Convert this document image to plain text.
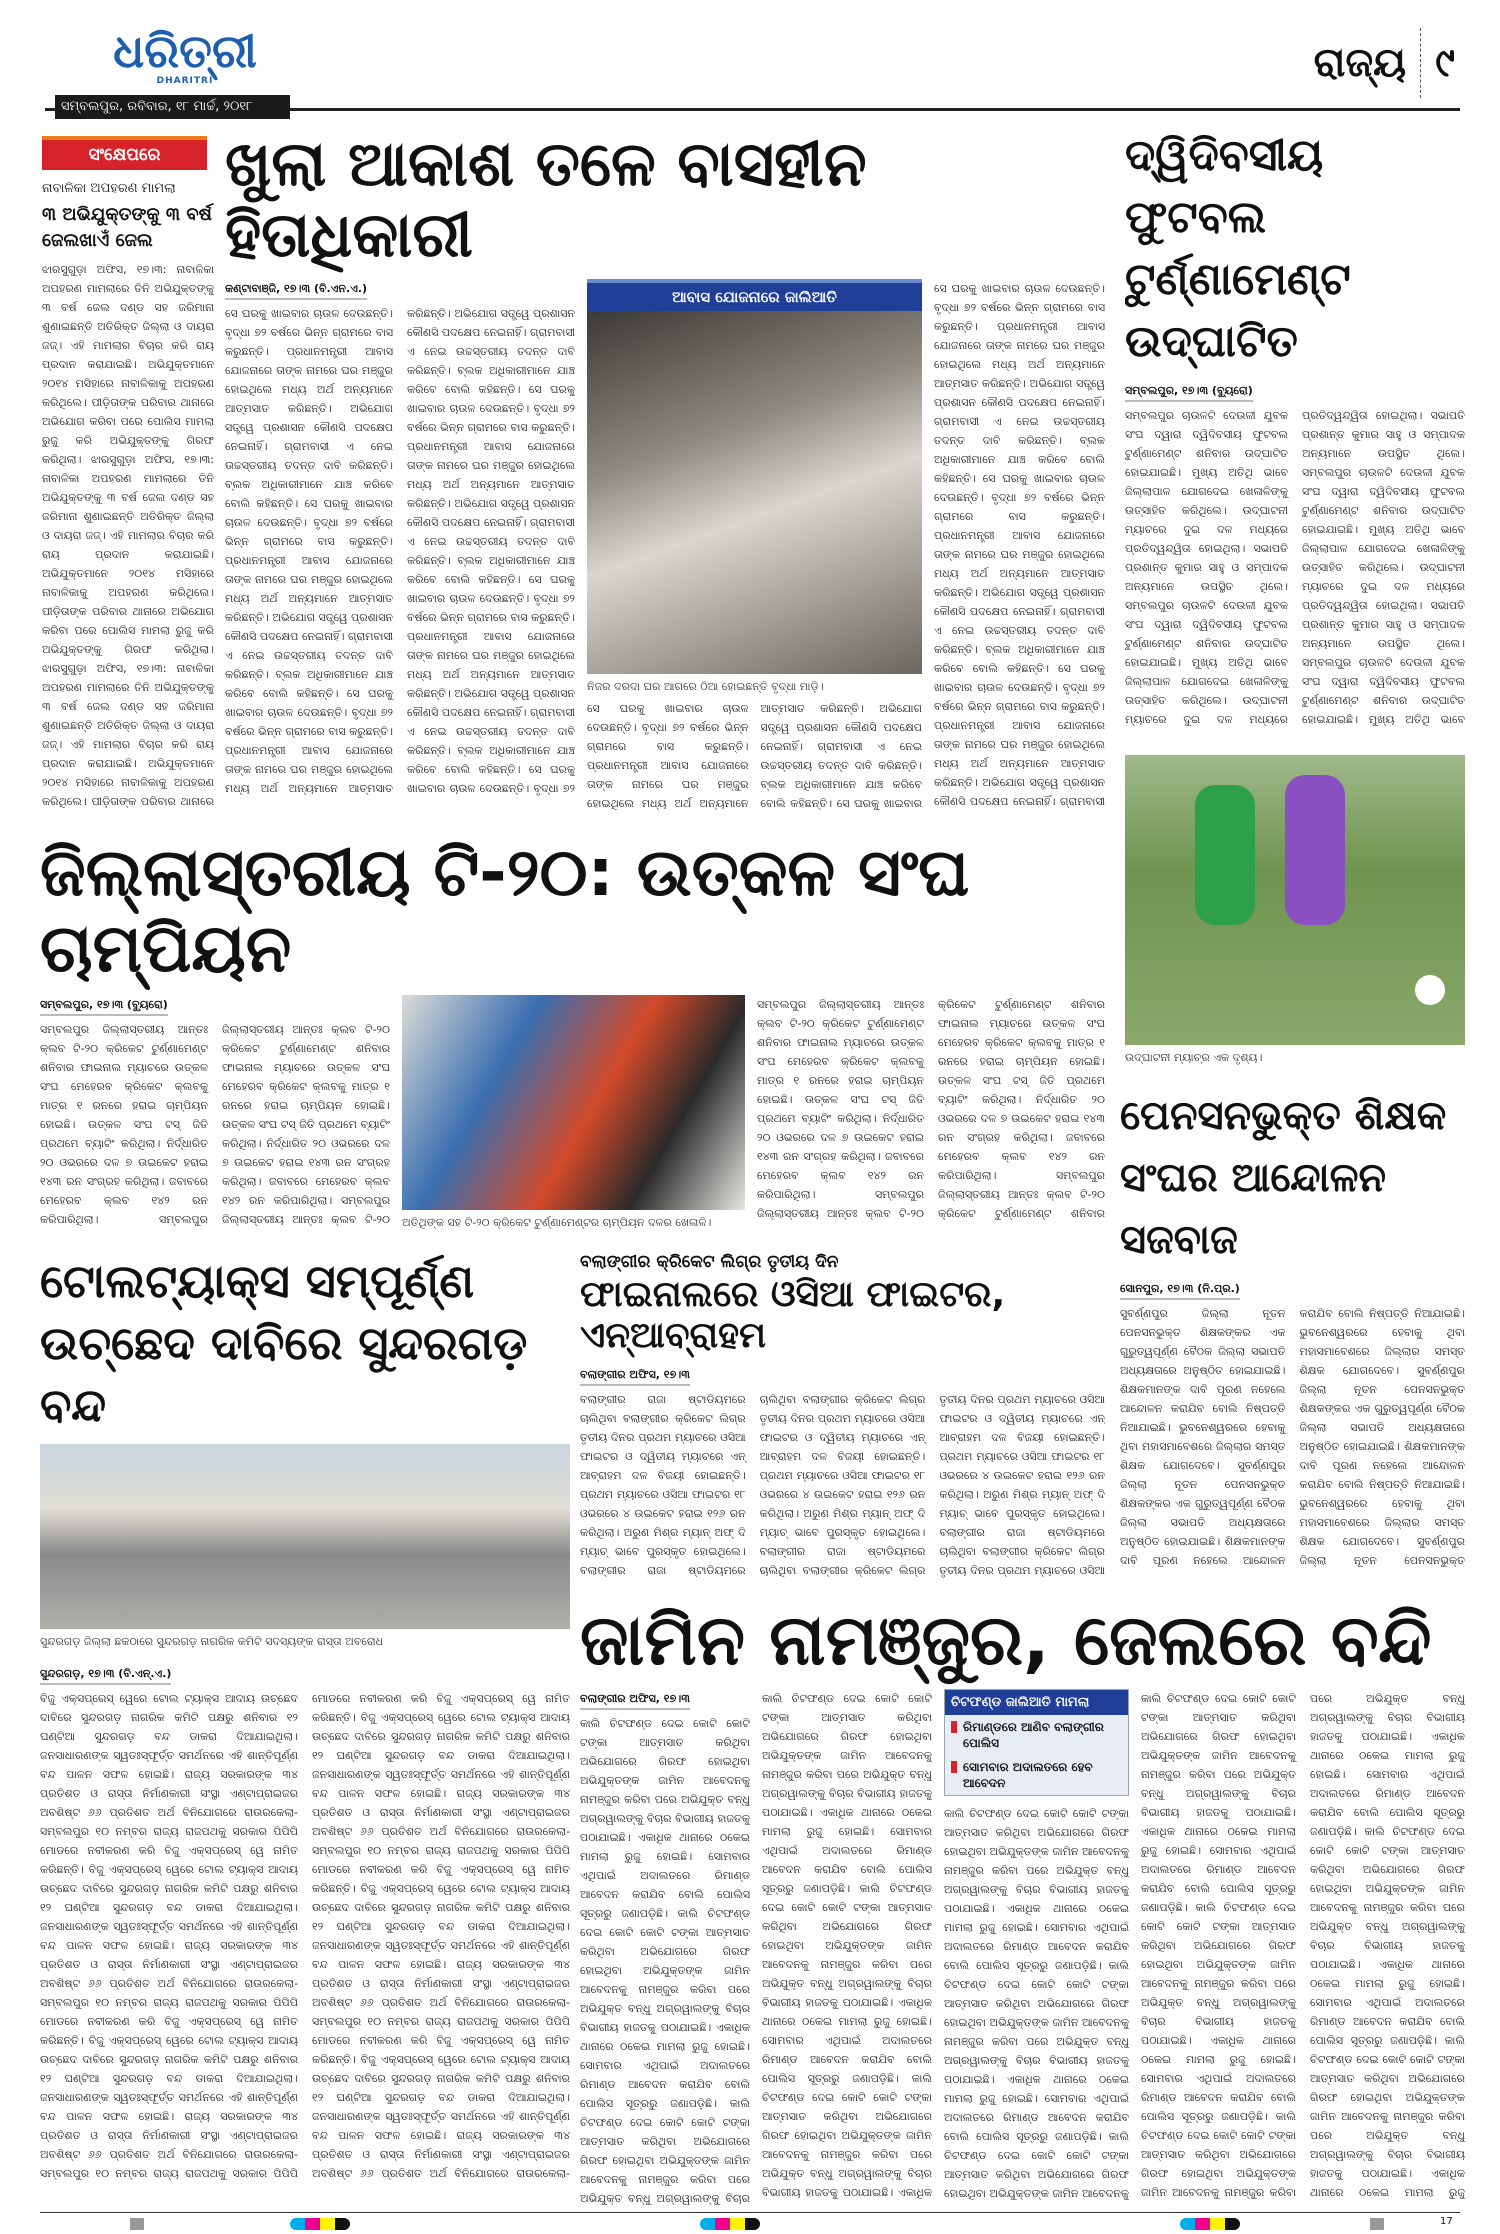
ଧରିତ୍ରୀ
DHARITRI
ସମ୍ବଲପୁର, ରବିବାର, ୧୮ ମାର୍ଚ୍ଚ, ୨୦୧୮
ରାଜ୍ୟ ୯
ସଂକ୍ଷେପରେ
ନାବାଳିକା ଅପହରଣ ମାମଲା
୩ ଅଭିଯୁକ୍ତଙ୍କୁ ୩ ବର୍ଷ ଜେଲଖାଏଁ ଜେଲ
ଝାରସୁଗୁଡ଼ା ଅଫିସ, ୧୭।୩: ନାବାଳିକା ଅପହରଣ ମାମଲାରେ ତିନି ଅଭିଯୁକ୍ତଙ୍କୁ ୩ ବର୍ଷ ଜେଲ ଦଣ୍ଡ ସହ ଜରିମାନା ଶୁଣାଇଛନ୍ତି ଅତିରିକ୍ତ ଜିଲ୍ଲା ଓ ଦାୟରା ଜଜ୍‌। ଏହି ମାମଲାର ବିଚାର କରି ରାୟ ପ୍ରଦାନ କରାଯାଇଛି। ଅଭିଯୁକ୍ତମାନେ ୨୦୧୪ ମସିହାରେ ନାବାଳିକାକୁ ଅପହରଣ କରିଥିଲେ। ପୀଡ଼ିତାଙ୍କ ପରିବାର ଥାନାରେ ଅଭିଯୋଗ କରିବା ପରେ ପୋଲିସ ମାମଲା ରୁଜୁ କରି ଅଭିଯୁକ୍ତଙ୍କୁ ଗିରଫ କରିଥିଲା। ଝାରସୁଗୁଡ଼ା ଅଫିସ, ୧୭।୩: ନାବାଳିକା ଅପହରଣ ମାମଲାରେ ତିନି ଅଭିଯୁକ୍ତଙ୍କୁ ୩ ବର୍ଷ ଜେଲ ଦଣ୍ଡ ସହ ଜରିମାନା ଶୁଣାଇଛନ୍ତି ଅତିରିକ୍ତ ଜିଲ୍ଲା ଓ ଦାୟରା ଜଜ୍‌। ଏହି ମାମଲାର ବିଚାର କରି ରାୟ ପ୍ରଦାନ କରାଯାଇଛି। ଅଭିଯୁକ୍ତମାନେ ୨୦୧୪ ମସିହାରେ ନାବାଳିକାକୁ ଅପହରଣ କରିଥିଲେ। ପୀଡ଼ିତାଙ୍କ ପରିବାର ଥାନାରେ ଅଭିଯୋଗ କରିବା ପରେ ପୋଲିସ ମାମଲା ରୁଜୁ କରି ଅଭିଯୁକ୍ତଙ୍କୁ ଗିରଫ କରିଥିଲା। ଝାରସୁଗୁଡ଼ା ଅଫିସ, ୧୭।୩: ନାବାଳିକା ଅପହରଣ ମାମଲାରେ ତିନି ଅଭିଯୁକ୍ତଙ୍କୁ ୩ ବର୍ଷ ଜେଲ ଦଣ୍ଡ ସହ ଜରିମାନା ଶୁଣାଇଛନ୍ତି ଅତିରିକ୍ତ ଜିଲ୍ଲା ଓ ଦାୟରା ଜଜ୍‌। ଏହି ମାମଲାର ବିଚାର କରି ରାୟ ପ୍ରଦାନ କରାଯାଇଛି। ଅଭିଯୁକ୍ତମାନେ ୨୦୧୪ ମସିହାରେ ନାବାଳିକାକୁ ଅପହରଣ କରିଥିଲେ। ପୀଡ଼ିତାଙ୍କ ପରିବାର ଥାନାରେ
ଖୁଲା ଆକାଶ ତଳେ ବାସହୀନ ହିତାଧିକାରୀ
କଣ୍ଟାବାଞ୍ଜି, ୧୭।୩ (ବି.ଏନ.ଏ.)
ସେ ଘରକୁ ଖାଇବାର ଚାଉଳ ଦେଉଛନ୍ତି। ବୃଦ୍ଧା ୭୨ ବର୍ଷରେ ଭିନ୍ନ ଗ୍ରାମରେ ବାସ କରୁଛନ୍ତି। ପ୍ରଧାନମନ୍ତ୍ରୀ ଆବାସ ଯୋଜନାରେ ତାଙ୍କ ନାମରେ ଘର ମଞ୍ଜୁର ହୋଇଥିଲେ ମଧ୍ୟ ଅର୍ଥ ଅନ୍ୟମାନେ ଆତ୍ମସାତ କରିଛନ୍ତି। ଅଭିଯୋଗ ସତ୍ତ୍ୱେ ପ୍ରଶାସନ କୌଣସି ପଦକ୍ଷେପ ନେଇନାହିଁ। ଗ୍ରାମବାସୀ ଏ ନେଇ ଉଚ୍ଚସ୍ତରୀୟ ତଦନ୍ତ ଦାବି କରିଛନ୍ତି। ବ୍ଲକ ଅଧିକାରୀମାନେ ଯାଞ୍ଚ କରିବେ ବୋଲି କହିଛନ୍ତି। ସେ ଘରକୁ ଖାଇବାର ଚାଉଳ ଦେଉଛନ୍ତି। ବୃଦ୍ଧା ୭୨ ବର୍ଷରେ ଭିନ୍ନ ଗ୍ରାମରେ ବାସ କରୁଛନ୍ତି। ପ୍ରଧାନମନ୍ତ୍ରୀ ଆବାସ ଯୋଜନାରେ ତାଙ୍କ ନାମରେ ଘର ମଞ୍ଜୁର ହୋଇଥିଲେ ମଧ୍ୟ ଅର୍ଥ ଅନ୍ୟମାନେ ଆତ୍ମସାତ କରିଛନ୍ତି। ଅଭିଯୋଗ ସତ୍ତ୍ୱେ ପ୍ରଶାସନ କୌଣସି ପଦକ୍ଷେପ ନେଇନାହିଁ। ଗ୍ରାମବାସୀ ଏ ନେଇ ଉଚ୍ଚସ୍ତରୀୟ ତଦନ୍ତ ଦାବି କରିଛନ୍ତି। ବ୍ଲକ ଅଧିକାରୀମାନେ ଯାଞ୍ଚ କରିବେ ବୋଲି କହିଛନ୍ତି। ସେ ଘରକୁ ଖାଇବାର ଚାଉଳ ଦେଉଛନ୍ତି। ବୃଦ୍ଧା ୭୨ ବର୍ଷରେ ଭିନ୍ନ ଗ୍ରାମରେ ବାସ କରୁଛନ୍ତି। ପ୍ରଧାନମନ୍ତ୍ରୀ ଆବାସ ଯୋଜନାରେ ତାଙ୍କ ନାମରେ ଘର ମଞ୍ଜୁର ହୋଇଥିଲେ ମଧ୍ୟ ଅର୍ଥ ଅନ୍ୟମାନେ ଆତ୍ମସାତ କରିଛନ୍ତି। ଅଭିଯୋଗ ସତ୍ତ୍ୱେ ପ୍ରଶାସନ କୌଣସି ପଦକ୍ଷେପ ନେଇନାହିଁ। ଗ୍ରାମବାସୀ ଏ ନେଇ ଉଚ୍ଚସ୍ତରୀୟ ତଦନ୍ତ ଦାବି କରିଛନ୍ତି। ବ୍ଲକ ଅଧିକାରୀମାନେ ଯାଞ୍ଚ କରିବେ ବୋଲି କହିଛନ୍ତି। ସେ ଘରକୁ ଖାଇବାର ଚାଉଳ ଦେଉଛନ୍ତି। ବୃଦ୍ଧା ୭୨ ବର୍ଷରେ ଭିନ୍ନ ଗ୍ରାମରେ ବାସ କରୁଛନ୍ତି। ପ୍ରଧାନମନ୍ତ୍ରୀ ଆବାସ ଯୋଜନାରେ ତାଙ୍କ ନାମରେ ଘର ମଞ୍ଜୁର ହୋଇଥିଲେ ମଧ୍ୟ ଅର୍ଥ ଅନ୍ୟମାନେ ଆତ୍ମସାତ କରିଛନ୍ତି। ଅଭିଯୋଗ ସତ୍ତ୍ୱେ ପ୍ରଶାସନ କୌଣସି ପଦକ୍ଷେପ ନେଇନାହିଁ। ଗ୍ରାମବାସୀ ଏ ନେଇ ଉଚ୍ଚସ୍ତରୀୟ ତଦନ୍ତ ଦାବି କରିଛନ୍ତି। ବ୍ଲକ ଅଧିକାରୀମାନେ ଯାଞ୍ଚ କରିବେ ବୋଲି କହିଛନ୍ତି। ସେ ଘରକୁ ଖାଇବାର ଚାଉଳ ଦେଉଛନ୍ତି। ବୃଦ୍ଧା ୭୨ ବର୍ଷରେ ଭିନ୍ନ ଗ୍ରାମରେ ବାସ କରୁଛନ୍ତି। ପ୍ରଧାନମନ୍ତ୍ରୀ ଆବାସ ଯୋଜନାରେ ତାଙ୍କ ନାମରେ ଘର ମଞ୍ଜୁର ହୋଇଥିଲେ ମଧ୍ୟ ଅର୍ଥ ଅନ୍ୟମାନେ ଆତ୍ମସାତ କରିଛନ୍ତି। ଅଭିଯୋଗ ସତ୍ତ୍ୱେ ପ୍ରଶାସନ କୌଣସି ପଦକ୍ଷେପ ନେଇନାହିଁ। ଗ୍ରାମବାସୀ ଏ ନେଇ ଉଚ୍ଚସ୍ତରୀୟ ତଦନ୍ତ ଦାବି କରିଛନ୍ତି। ବ୍ଲକ ଅଧିକାରୀମାନେ ଯାଞ୍ଚ କରିବେ ବୋଲି କହିଛନ୍ତି। ସେ ଘରକୁ ଖାଇବାର ଚାଉଳ ଦେଉଛନ୍ତି। ବୃଦ୍ଧା ୭୨
ଆବାସ ଯୋଜନାରେ ଜାଲିଆତି
ନିଜର ଦରଦା ଘର ଆଗରେ ଠିଆ ହୋଇଛନ୍ତି ବୃଦ୍ଧା ମାଡ଼ି।
ସେ ଘରକୁ ଖାଇବାର ଚାଉଳ ଦେଉଛନ୍ତି। ବୃଦ୍ଧା ୭୨ ବର୍ଷରେ ଭିନ୍ନ ଗ୍ରାମରେ ବାସ କରୁଛନ୍ତି। ପ୍ରଧାନମନ୍ତ୍ରୀ ଆବାସ ଯୋଜନାରେ ତାଙ୍କ ନାମରେ ଘର ମଞ୍ଜୁର ହୋଇଥିଲେ ମଧ୍ୟ ଅର୍ଥ ଅନ୍ୟମାନେ ଆତ୍ମସାତ କରିଛନ୍ତି। ଅଭିଯୋଗ ସତ୍ତ୍ୱେ ପ୍ରଶାସନ କୌଣସି ପଦକ୍ଷେପ ନେଇନାହିଁ। ଗ୍ରାମବାସୀ ଏ ନେଇ ଉଚ୍ଚସ୍ତରୀୟ ତଦନ୍ତ ଦାବି କରିଛନ୍ତି। ବ୍ଲକ ଅଧିକାରୀମାନେ ଯାଞ୍ଚ କରିବେ ବୋଲି କହିଛନ୍ତି। ସେ ଘରକୁ ଖାଇବାର
ସେ ଘରକୁ ଖାଇବାର ଚାଉଳ ଦେଉଛନ୍ତି। ବୃଦ୍ଧା ୭୨ ବର୍ଷରେ ଭିନ୍ନ ଗ୍ରାମରେ ବାସ କରୁଛନ୍ତି। ପ୍ରଧାନମନ୍ତ୍ରୀ ଆବାସ ଯୋଜନାରେ ତାଙ୍କ ନାମରେ ଘର ମଞ୍ଜୁର ହୋଇଥିଲେ ମଧ୍ୟ ଅର୍ଥ ଅନ୍ୟମାନେ ଆତ୍ମସାତ କରିଛନ୍ତି। ଅଭିଯୋଗ ସତ୍ତ୍ୱେ ପ୍ରଶାସନ କୌଣସି ପଦକ୍ଷେପ ନେଇନାହିଁ। ଗ୍ରାମବାସୀ ଏ ନେଇ ଉଚ୍ଚସ୍ତରୀୟ ତଦନ୍ତ ଦାବି କରିଛନ୍ତି। ବ୍ଲକ ଅଧିକାରୀମାନେ ଯାଞ୍ଚ କରିବେ ବୋଲି କହିଛନ୍ତି। ସେ ଘରକୁ ଖାଇବାର ଚାଉଳ ଦେଉଛନ୍ତି। ବୃଦ୍ଧା ୭୨ ବର୍ଷରେ ଭିନ୍ନ ଗ୍ରାମରେ ବାସ କରୁଛନ୍ତି। ପ୍ରଧାନମନ୍ତ୍ରୀ ଆବାସ ଯୋଜନାରେ ତାଙ୍କ ନାମରେ ଘର ମଞ୍ଜୁର ହୋଇଥିଲେ ମଧ୍ୟ ଅର୍ଥ ଅନ୍ୟମାନେ ଆତ୍ମସାତ କରିଛନ୍ତି। ଅଭିଯୋଗ ସତ୍ତ୍ୱେ ପ୍ରଶାସନ କୌଣସି ପଦକ୍ଷେପ ନେଇନାହିଁ। ଗ୍ରାମବାସୀ ଏ ନେଇ ଉଚ୍ଚସ୍ତରୀୟ ତଦନ୍ତ ଦାବି କରିଛନ୍ତି। ବ୍ଲକ ଅଧିକାରୀମାନେ ଯାଞ୍ଚ କରିବେ ବୋଲି କହିଛନ୍ତି। ସେ ଘରକୁ ଖାଇବାର ଚାଉଳ ଦେଉଛନ୍ତି। ବୃଦ୍ଧା ୭୨ ବର୍ଷରେ ଭିନ୍ନ ଗ୍ରାମରେ ବାସ କରୁଛନ୍ତି। ପ୍ରଧାନମନ୍ତ୍ରୀ ଆବାସ ଯୋଜନାରେ ତାଙ୍କ ନାମରେ ଘର ମଞ୍ଜୁର ହୋଇଥିଲେ ମଧ୍ୟ ଅର୍ଥ ଅନ୍ୟମାନେ ଆତ୍ମସାତ କରିଛନ୍ତି। ଅଭିଯୋଗ ସତ୍ତ୍ୱେ ପ୍ରଶାସନ କୌଣସି ପଦକ୍ଷେପ ନେଇନାହିଁ। ଗ୍ରାମବାସୀ
ଦ୍ୱିଦିବସୀୟ ଫୁଟବଲ ଟୁର୍ଣ୍ଣାମେଣ୍ଟ ଉଦ୍‌ଘାଟିତ
ସମ୍ବଲପୁର, ୧୭।୩ (ବ୍ୟୁରୋ)
ସମ୍ବଲପୁର ଚାଉଳଟି ଦେଉଳୀ ଯୁବକ ସଂଘ ଦ୍ୱାରା ଦ୍ୱିଦିବସୀୟ ଫୁଟବଲ ଟୁର୍ଣ୍ଣାମେଣ୍ଟ ଶନିବାର ଉଦ୍‌ଘାଟିତ ହୋଇଯାଇଛି। ମୁଖ୍ୟ ଅତିଥି ଭାବେ ଜିଲ୍ଲାପାଳ ଯୋଗଦେଇ ଖେଳାଳିଙ୍କୁ ଉତ୍ସାହିତ କରିଥିଲେ। ଉଦ୍‌ଘାଟନୀ ମ୍ୟାଚରେ ଦୁଇ ଦଳ ମଧ୍ୟରେ ପ୍ରତିଦ୍ୱନ୍ଦ୍ୱିତା ହୋଇଥିଲା। ସଭାପତି ପ୍ରଶାନ୍ତ କୁମାର ସାହୁ ଓ ସମ୍ପାଦକ ଅନ୍ୟମାନେ ଉପସ୍ଥିତ ଥିଲେ। ସମ୍ବଲପୁର ଚାଉଳଟି ଦେଉଳୀ ଯୁବକ ସଂଘ ଦ୍ୱାରା ଦ୍ୱିଦିବସୀୟ ଫୁଟବଲ ଟୁର୍ଣ୍ଣାମେଣ୍ଟ ଶନିବାର ଉଦ୍‌ଘାଟିତ ହୋଇଯାଇଛି। ମୁଖ୍ୟ ଅତିଥି ଭାବେ ଜିଲ୍ଲାପାଳ ଯୋଗଦେଇ ଖେଳାଳିଙ୍କୁ ଉତ୍ସାହିତ କରିଥିଲେ। ଉଦ୍‌ଘାଟନୀ ମ୍ୟାଚରେ ଦୁଇ ଦଳ ମଧ୍ୟରେ ପ୍ରତିଦ୍ୱନ୍ଦ୍ୱିତା ହୋଇଥିଲା। ସଭାପତି ପ୍ରଶାନ୍ତ କୁମାର ସାହୁ ଓ ସମ୍ପାଦକ ଅନ୍ୟମାନେ ଉପସ୍ଥିତ ଥିଲେ। ସମ୍ବଲପୁର ଚାଉଳଟି ଦେଉଳୀ ଯୁବକ ସଂଘ ଦ୍ୱାରା ଦ୍ୱିଦିବସୀୟ ଫୁଟବଲ ଟୁର୍ଣ୍ଣାମେଣ୍ଟ ଶନିବାର ଉଦ୍‌ଘାଟିତ ହୋଇଯାଇଛି। ମୁଖ୍ୟ ଅତିଥି ଭାବେ ଜିଲ୍ଲାପାଳ ଯୋଗଦେଇ ଖେଳାଳିଙ୍କୁ ଉତ୍ସାହିତ କରିଥିଲେ। ଉଦ୍‌ଘାଟନୀ ମ୍ୟାଚରେ ଦୁଇ ଦଳ ମଧ୍ୟରେ ପ୍ରତିଦ୍ୱନ୍ଦ୍ୱିତା ହୋଇଥିଲା। ସଭାପତି ପ୍ରଶାନ୍ତ କୁମାର ସାହୁ ଓ ସମ୍ପାଦକ ଅନ୍ୟମାନେ ଉପସ୍ଥିତ ଥିଲେ। ସମ୍ବଲପୁର ଚାଉଳଟି ଦେଉଳୀ ଯୁବକ ସଂଘ ଦ୍ୱାରା ଦ୍ୱିଦିବସୀୟ ଫୁଟବଲ ଟୁର୍ଣ୍ଣାମେଣ୍ଟ ଶନିବାର ଉଦ୍‌ଘାଟିତ ହୋଇଯାଇଛି। ମୁଖ୍ୟ ଅତିଥି ଭାବେ
ଉଦ୍‌ଘାଟନୀ ମ୍ୟାଚ୍‌ର ଏକ ଦୃଶ୍ୟ।
ଜିଲ୍ଲାସ୍ତରୀୟ ଟି-୨୦: ଉତ୍କଳ ସଂଘ ଚାମ୍ପିୟନ
ସମ୍ବଲପୁର, ୧୭।୩ (ବ୍ୟୁରୋ)
ସମ୍ବଲପୁର ଜିଲ୍ଲାସ୍ତରୀୟ ଆନ୍ତଃ କ୍ଲବ ଟି-୨୦ କ୍ରିକେଟ ଟୁର୍ଣ୍ଣାମେଣ୍ଟ ଶନିବାର ଫାଇନାଲ ମ୍ୟାଚରେ ଉତ୍କଳ ସଂଘ ମେହେରବ କ୍ରିକେଟ କ୍ଲବକୁ ମାତ୍ର ୧ ରନରେ ହରାଇ ଚାମ୍ପିୟନ ହୋଇଛି। ଉତ୍କଳ ସଂଘ ଟସ୍ ଜିତି ପ୍ରଥମେ ବ୍ୟାଟିଂ କରିଥିଲା। ନିର୍ଦ୍ଧାରିତ ୨୦ ଓଭରରେ ଦଳ ୭ ଉଇକେଟ ହରାଇ ୧୪୩ ରନ ସଂଗ୍ରହ କରିଥିଲା। ଜବାବରେ ମେହେରବ କ୍ଲବ ୧୪୨ ରନ କରିପାରିଥିଲା। ସମ୍ବଲପୁର ଜିଲ୍ଲାସ୍ତରୀୟ ଆନ୍ତଃ କ୍ଲବ ଟି-୨୦ କ୍ରିକେଟ ଟୁର୍ଣ୍ଣାମେଣ୍ଟ ଶନିବାର ଫାଇନାଲ ମ୍ୟାଚରେ ଉତ୍କଳ ସଂଘ ମେହେରବ କ୍ରିକେଟ କ୍ଲବକୁ ମାତ୍ର ୧ ରନରେ ହରାଇ ଚାମ୍ପିୟନ ହୋଇଛି। ଉତ୍କଳ ସଂଘ ଟସ୍ ଜିତି ପ୍ରଥମେ ବ୍ୟାଟିଂ କରିଥିଲା। ନିର୍ଦ୍ଧାରିତ ୨୦ ଓଭରରେ ଦଳ ୭ ଉଇକେଟ ହରାଇ ୧୪୩ ରନ ସଂଗ୍ରହ କରିଥିଲା। ଜବାବରେ ମେହେରବ କ୍ଲବ ୧୪୨ ରନ କରିପାରିଥିଲା। ସମ୍ବଲପୁର ଜିଲ୍ଲାସ୍ତରୀୟ ଆନ୍ତଃ କ୍ଲବ ଟି-୨୦ ଅତିଥିଙ୍କ ସହ ଟି-୨୦ କ୍ରିକେଟ ଟୁର୍ଣ୍ଣାମେଣ୍ଟର ଚାମ୍ପିୟନ ଦଳର ଖେଳାଳି।
ସମ୍ବଲପୁର ଜିଲ୍ଲାସ୍ତରୀୟ ଆନ୍ତଃ କ୍ଲବ ଟି-୨୦ କ୍ରିକେଟ ଟୁର୍ଣ୍ଣାମେଣ୍ଟ ଶନିବାର ଫାଇନାଲ ମ୍ୟାଚରେ ଉତ୍କଳ ସଂଘ ମେହେରବ କ୍ରିକେଟ କ୍ଲବକୁ ମାତ୍ର ୧ ରନରେ ହରାଇ ଚାମ୍ପିୟନ ହୋଇଛି। ଉତ୍କଳ ସଂଘ ଟସ୍ ଜିତି ପ୍ରଥମେ ବ୍ୟାଟିଂ କରିଥିଲା। ନିର୍ଦ୍ଧାରିତ ୨୦ ଓଭରରେ ଦଳ ୭ ଉଇକେଟ ହରାଇ ୧୪୩ ରନ ସଂଗ୍ରହ କରିଥିଲା। ଜବାବରେ ମେହେରବ କ୍ଲବ ୧୪୨ ରନ କରିପାରିଥିଲା। ସମ୍ବଲପୁର ଜିଲ୍ଲାସ୍ତରୀୟ ଆନ୍ତଃ କ୍ଲବ ଟି-୨୦ କ୍ରିକେଟ ଟୁର୍ଣ୍ଣାମେଣ୍ଟ ଶନିବାର ଫାଇନାଲ ମ୍ୟାଚରେ ଉତ୍କଳ ସଂଘ ମେହେରବ କ୍ରିକେଟ କ୍ଲବକୁ ମାତ୍ର ୧ ରନରେ ହରାଇ ଚାମ୍ପିୟନ ହୋଇଛି। ଉତ୍କଳ ସଂଘ ଟସ୍ ଜିତି ପ୍ରଥମେ ବ୍ୟାଟିଂ କରିଥିଲା। ନିର୍ଦ୍ଧାରିତ ୨୦ ଓଭରରେ ଦଳ ୭ ଉଇକେଟ ହରାଇ ୧୪୩ ରନ ସଂଗ୍ରହ କରିଥିଲା। ଜବାବରେ ମେହେରବ କ୍ଲବ ୧୪୨ ରନ କରିପାରିଥିଲା। ସମ୍ବଲପୁର ଜିଲ୍ଲାସ୍ତରୀୟ ଆନ୍ତଃ କ୍ଲବ ଟି-୨୦ କ୍ରିକେଟ ଟୁର୍ଣ୍ଣାମେଣ୍ଟ ଶନିବାର
ପେନସନଭୁକ୍ତ ଶିକ୍ଷକ ସଂଘର ଆନ୍ଦୋଳନ ସଜବାଜ
ସୋନପୁର, ୧୭।୩ (ନି.ପ୍ର.)
ସୁବର୍ଣ୍ଣପୁର ଜିଲ୍ଲା ନୂତନ ପେନସନଭୁକ୍ତ ଶିକ୍ଷକଙ୍କର ଏକ ଗୁରୁତ୍ୱପୂର୍ଣ୍ଣ ବୈଠକ ଜିଲ୍ଲା ସଭାପତି ଅଧ୍ୟକ୍ଷତାରେ ଅନୁଷ୍ଠିତ ହୋଇଯାଇଛି। ଶିକ୍ଷକମାନଙ୍କ ଦାବି ପୂରଣ ନହେଲେ ଆନ୍ଦୋଳନ କରାଯିବ ବୋଲି ନିଷ୍ପତ୍ତି ନିଆଯାଇଛି। ଭୁବନେଶ୍ୱରରେ ହେବାକୁ ଥିବା ମହାସମାବେଶରେ ଜିଲ୍ଲାର ସମସ୍ତ ଶିକ୍ଷକ ଯୋଗଦେବେ। ସୁବର୍ଣ୍ଣପୁର ଜିଲ୍ଲା ନୂତନ ପେନସନଭୁକ୍ତ ଶିକ୍ଷକଙ୍କର ଏକ ଗୁରୁତ୍ୱପୂର୍ଣ୍ଣ ବୈଠକ ଜିଲ୍ଲା ସଭାପତି ଅଧ୍ୟକ୍ଷତାରେ ଅନୁଷ୍ଠିତ ହୋଇଯାଇଛି। ଶିକ୍ଷକମାନଙ୍କ ଦାବି ପୂରଣ ନହେଲେ ଆନ୍ଦୋଳନ କରାଯିବ ବୋଲି ନିଷ୍ପତ୍ତି ନିଆଯାଇଛି। ଭୁବନେଶ୍ୱରରେ ହେବାକୁ ଥିବା ମହାସମାବେଶରେ ଜିଲ୍ଲାର ସମସ୍ତ ଶିକ୍ଷକ ଯୋଗଦେବେ। ସୁବର୍ଣ୍ଣପୁର ଜିଲ୍ଲା ନୂତନ ପେନସନଭୁକ୍ତ ଶିକ୍ଷକଙ୍କର ଏକ ଗୁରୁତ୍ୱପୂର୍ଣ୍ଣ ବୈଠକ ଜିଲ୍ଲା ସଭାପତି ଅଧ୍ୟକ୍ଷତାରେ ଅନୁଷ୍ଠିତ ହୋଇଯାଇଛି। ଶିକ୍ଷକମାନଙ୍କ ଦାବି ପୂରଣ ନହେଲେ ଆନ୍ଦୋଳନ କରାଯିବ ବୋଲି ନିଷ୍ପତ୍ତି ନିଆଯାଇଛି। ଭୁବନେଶ୍ୱରରେ ହେବାକୁ ଥିବା ମହାସମାବେଶରେ ଜିଲ୍ଲାର ସମସ୍ତ ଶିକ୍ଷକ ଯୋଗଦେବେ। ସୁବର୍ଣ୍ଣପୁର ଜିଲ୍ଲା ନୂତନ ପେନସନଭୁକ୍ତ
ଟୋଲଟ୍ୟାକ୍ସ ସମ୍ପୂର୍ଣ୍ଣ ଉଚ୍ଛେଦ ଦାବିରେ ସୁନ୍ଦରଗଡ଼ ବନ୍ଦ
ସୁନ୍ଦରଗଡ଼ ଜିଲ୍ଲା ଛକଠାରେ ସୁନ୍ଦରଗଡ଼ ନାଗରିକ କମିଟି ସଦସ୍ୟଙ୍କ ରାସ୍ତା ଅବରୋଧ
ସୁନ୍ଦରଗଡ଼, ୧୭।୩ (ବି.ଏନ୍.ଏ.)
ବିଜୁ ଏକ୍ସପ୍ରେସ୍ ୱେରେ ଟୋଲ ଟ୍ୟାକ୍ସ ଆଦାୟ ଉଚ୍ଛେଦ ଦାବିରେ ସୁନ୍ଦରଗଡ଼ ନାଗରିକ କମିଟି ପକ୍ଷରୁ ଶନିବାର ୧୨ ଘଣ୍ଟିଆ ସୁନ୍ଦରଗଡ଼ ବନ୍ଦ ଡାକରା ଦିଆଯାଇଥିଲା। ଜନସାଧାରଣଙ୍କ ସ୍ୱତଃସ୍ଫୂର୍ତ୍ତ ସମର୍ଥନରେ ଏହି ଶାନ୍ତିପୂର୍ଣ୍ଣ ବନ୍ଦ ପାଳନ ସଫଳ ହୋଇଛି। ରାଜ୍ୟ ସରକାରଙ୍କ ୩୪ ପ୍ରତିଶତ ଓ ରାସ୍ତା ନିର୍ମାଣକାରୀ ସଂସ୍ଥା ଏଣ୍ଟାପ୍ରାଇଜର ଅବଶିଷ୍ଟ ୬୬ ପ୍ରତିଶତ ଅର୍ଥ ବିନିଯୋଗରେ ରାଉରକେଲା-ସମ୍ବଲପୁର ୧୦ ନମ୍ବର ରାଜ୍ୟ ରାଜପଥକୁ ସରକାର ପିପିପି ମୋଡରେ ନବୀକରଣ କରି ବିଜୁ ଏକ୍ସପ୍ରେସ୍ ୱେ ନାମିତ କରିଛନ୍ତି। ବିଜୁ ଏକ୍ସପ୍ରେସ୍ ୱେରେ ଟୋଲ ଟ୍ୟାକ୍ସ ଆଦାୟ ଉଚ୍ଛେଦ ଦାବିରେ ସୁନ୍ଦରଗଡ଼ ନାଗରିକ କମିଟି ପକ୍ଷରୁ ଶନିବାର ୧୨ ଘଣ୍ଟିଆ ସୁନ୍ଦରଗଡ଼ ବନ୍ଦ ଡାକରା ଦିଆଯାଇଥିଲା। ଜନସାଧାରଣଙ୍କ ସ୍ୱତଃସ୍ଫୂର୍ତ୍ତ ସମର୍ଥନରେ ଏହି ଶାନ୍ତିପୂର୍ଣ୍ଣ ବନ୍ଦ ପାଳନ ସଫଳ ହୋଇଛି। ରାଜ୍ୟ ସରକାରଙ୍କ ୩୪ ପ୍ରତିଶତ ଓ ରାସ୍ତା ନିର୍ମାଣକାରୀ ସଂସ୍ଥା ଏଣ୍ଟାପ୍ରାଇଜର ଅବଶିଷ୍ଟ ୬୬ ପ୍ରତିଶତ ଅର୍ଥ ବିନିଯୋଗରେ ରାଉରକେଲା-ସମ୍ବଲପୁର ୧୦ ନମ୍ବର ରାଜ୍ୟ ରାଜପଥକୁ ସରକାର ପିପିପି ମୋଡରେ ନବୀକରଣ କରି ବିଜୁ ଏକ୍ସପ୍ରେସ୍ ୱେ ନାମିତ କରିଛନ୍ତି। ବିଜୁ ଏକ୍ସପ୍ରେସ୍ ୱେରେ ଟୋଲ ଟ୍ୟାକ୍ସ ଆଦାୟ ଉଚ୍ଛେଦ ଦାବିରେ ସୁନ୍ଦରଗଡ଼ ନାଗରିକ କମିଟି ପକ୍ଷରୁ ଶନିବାର ୧୨ ଘଣ୍ଟିଆ ସୁନ୍ଦରଗଡ଼ ବନ୍ଦ ଡାକରା ଦିଆଯାଇଥିଲା। ଜନସାଧାରଣଙ୍କ ସ୍ୱତଃସ୍ଫୂର୍ତ୍ତ ସମର୍ଥନରେ ଏହି ଶାନ୍ତିପୂର୍ଣ୍ଣ ବନ୍ଦ ପାଳନ ସଫଳ ହୋଇଛି। ରାଜ୍ୟ ସରକାରଙ୍କ ୩୪ ପ୍ରତିଶତ ଓ ରାସ୍ତା ନିର୍ମାଣକାରୀ ସଂସ୍ଥା ଏଣ୍ଟାପ୍ରାଇଜର ଅବଶିଷ୍ଟ ୬୬ ପ୍ରତିଶତ ଅର୍ଥ ବିନିଯୋଗରେ ରାଉରକେଲା-ସମ୍ବଲପୁର ୧୦ ନମ୍ବର ରାଜ୍ୟ ରାଜପଥକୁ ସରକାର ପିପିପି ମୋଡରେ ନବୀକରଣ କରି ବିଜୁ ଏକ୍ସପ୍ରେସ୍ ୱେ ନାମିତ କରିଛନ୍ତି। ବିଜୁ ଏକ୍ସପ୍ରେସ୍ ୱେରେ ଟୋଲ ଟ୍ୟାକ୍ସ ଆଦାୟ ଉଚ୍ଛେଦ ଦାବିରେ ସୁନ୍ଦରଗଡ଼ ନାଗରିକ କମିଟି ପକ୍ଷରୁ ଶନିବାର ୧୨ ଘଣ୍ଟିଆ ସୁନ୍ଦରଗଡ଼ ବନ୍ଦ ଡାକରା ଦିଆଯାଇଥିଲା। ଜନସାଧାରଣଙ୍କ ସ୍ୱତଃସ୍ଫୂର୍ତ୍ତ ସମର୍ଥନରେ ଏହି ଶାନ୍ତିପୂର୍ଣ୍ଣ ବନ୍ଦ ପାଳନ ସଫଳ ହୋଇଛି। ରାଜ୍ୟ ସରକାରଙ୍କ ୩୪ ପ୍ରତିଶତ ଓ ରାସ୍ତା ନିର୍ମାଣକାରୀ ସଂସ୍ଥା ଏଣ୍ଟାପ୍ରାଇଜର ଅବଶିଷ୍ଟ ୬୬ ପ୍ରତିଶତ ଅର୍ଥ ବିନିଯୋଗରେ ରାଉରକେଲା-ସମ୍ବଲପୁର ୧୦ ନମ୍ବର ରାଜ୍ୟ ରାଜପଥକୁ ସରକାର ପିପିପି ମୋଡରେ ନବୀକରଣ କରି ବିଜୁ ଏକ୍ସପ୍ରେସ୍ ୱେ ନାମିତ କରିଛନ୍ତି। ବିଜୁ ଏକ୍ସପ୍ରେସ୍ ୱେରେ ଟୋଲ ଟ୍ୟାକ୍ସ ଆଦାୟ ଉଚ୍ଛେଦ ଦାବିରେ ସୁନ୍ଦରଗଡ଼ ନାଗରିକ କମିଟି ପକ୍ଷରୁ ଶନିବାର ୧୨ ଘଣ୍ଟିଆ ସୁନ୍ଦରଗଡ଼ ବନ୍ଦ ଡାକରା ଦିଆଯାଇଥିଲା। ଜନସାଧାରଣଙ୍କ ସ୍ୱତଃସ୍ଫୂର୍ତ୍ତ ସମର୍ଥନରେ ଏହି ଶାନ୍ତିପୂର୍ଣ୍ଣ ବନ୍ଦ ପାଳନ ସଫଳ ହୋଇଛି। ରାଜ୍ୟ ସରକାରଙ୍କ ୩୪ ପ୍ରତିଶତ ଓ ରାସ୍ତା ନିର୍ମାଣକାରୀ ସଂସ୍ଥା ଏଣ୍ଟାପ୍ରାଇଜର ଅବଶିଷ୍ଟ ୬୬ ପ୍ରତିଶତ ଅର୍ଥ ବିନିଯୋଗରେ ରାଉରକେଲା-ସମ୍ବଲପୁର ୧୦ ନମ୍ବର ରାଜ୍ୟ ରାଜପଥକୁ ସରକାର ପିପିପି ମୋଡରେ ନବୀକରଣ କରି ବିଜୁ ଏକ୍ସପ୍ରେସ୍ ୱେ ନାମିତ କରିଛନ୍ତି। ବିଜୁ ଏକ୍ସପ୍ରେସ୍ ୱେରେ ଟୋଲ ଟ୍ୟାକ୍ସ ଆଦାୟ ଉଚ୍ଛେଦ ଦାବିରେ ସୁନ୍ଦରଗଡ଼ ନାଗରିକ କମିଟି ପକ୍ଷରୁ ଶନିବାର ୧୨ ଘଣ୍ଟିଆ ସୁନ୍ଦରଗଡ଼ ବନ୍ଦ ଡାକରା ଦିଆଯାଇଥିଲା। ଜନସାଧାରଣଙ୍କ ସ୍ୱତଃସ୍ଫୂର୍ତ୍ତ ସମର୍ଥନରେ ଏହି ଶାନ୍ତିପୂର୍ଣ୍ଣ ବନ୍ଦ ପାଳନ ସଫଳ ହୋଇଛି। ରାଜ୍ୟ ସରକାରଙ୍କ ୩୪ ପ୍ରତିଶତ ଓ ରାସ୍ତା ନିର୍ମାଣକାରୀ ସଂସ୍ଥା ଏଣ୍ଟାପ୍ରାଇଜର ଅବଶିଷ୍ଟ ୬୬ ପ୍ରତିଶତ ଅର୍ଥ ବିନିଯୋଗରେ ରାଉରକେଲା-
ବଲାଙ୍ଗୀର କ୍ରିକେଟ ଲିଗ୍‌ର ତୃତୀୟ ଦିନ
ଫାଇନାଲରେ ଓସିଆ ଫାଇଟର, ଏନ୍‌ଆବ୍ରାହମ
ବଲାଙ୍ଗୀର ଅଫିସ, ୧୭।୩
ବଲାଙ୍ଗୀର ରାଜା ଷ୍ଟାଡିୟମରେ ଚାଲିଥିବା ବଲାଙ୍ଗୀର କ୍ରିକେଟ ଲିଗ୍‌ର ତୃତୀୟ ଦିନର ପ୍ରଥମ ମ୍ୟାଚରେ ଓସିଆ ଫାଇଟର ଓ ଦ୍ୱିତୀୟ ମ୍ୟାଚରେ ଏନ୍ ଆବ୍ରାହମ ଦଳ ବିଜୟୀ ହୋଇଛନ୍ତି। ପ୍ରଥମ ମ୍ୟାଚରେ ଓସିଆ ଫାଇଟର ୧୮ ଓଭରରେ ୪ ଉଇକେଟ ହରାଇ ୧୨୬ ରନ କରିଥିଲା। ଅରୁଣ ମିଶ୍ର ମ୍ୟାନ୍ ଅଫ୍ ଦି ମ୍ୟାଚ୍ ଭାବେ ପୁରସ୍କୃତ ହୋଇଥିଲେ। ବଲାଙ୍ଗୀର ରାଜା ଷ୍ଟାଡିୟମରେ ଚାଲିଥିବା ବଲାଙ୍ଗୀର କ୍ରିକେଟ ଲିଗ୍‌ର ତୃତୀୟ ଦିନର ପ୍ରଥମ ମ୍ୟାଚରେ ଓସିଆ ଫାଇଟର ଓ ଦ୍ୱିତୀୟ ମ୍ୟାଚରେ ଏନ୍ ଆବ୍ରାହମ ଦଳ ବିଜୟୀ ହୋଇଛନ୍ତି। ପ୍ରଥମ ମ୍ୟାଚରେ ଓସିଆ ଫାଇଟର ୧୮ ଓଭରରେ ୪ ଉଇକେଟ ହରାଇ ୧୨୬ ରନ କରିଥିଲା। ଅରୁଣ ମିଶ୍ର ମ୍ୟାନ୍ ଅଫ୍ ଦି ମ୍ୟାଚ୍ ଭାବେ ପୁରସ୍କୃତ ହୋଇଥିଲେ। ବଲାଙ୍ଗୀର ରାଜା ଷ୍ଟାଡିୟମରେ ଚାଲିଥିବା ବଲାଙ୍ଗୀର କ୍ରିକେଟ ଲିଗ୍‌ର ତୃତୀୟ ଦିନର ପ୍ରଥମ ମ୍ୟାଚରେ ଓସିଆ ଫାଇଟର ଓ ଦ୍ୱିତୀୟ ମ୍ୟାଚରେ ଏନ୍ ଆବ୍ରାହମ ଦଳ ବିଜୟୀ ହୋଇଛନ୍ତି। ପ୍ରଥମ ମ୍ୟାଚରେ ଓସିଆ ଫାଇଟର ୧୮ ଓଭରରେ ୪ ଉଇକେଟ ହରାଇ ୧୨୬ ରନ କରିଥିଲା। ଅରୁଣ ମିଶ୍ର ମ୍ୟାନ୍ ଅଫ୍ ଦି ମ୍ୟାଚ୍ ଭାବେ ପୁରସ୍କୃତ ହୋଇଥିଲେ। ବଲାଙ୍ଗୀର ରାଜା ଷ୍ଟାଡିୟମରେ ଚାଲିଥିବା ବଲାଙ୍ଗୀର କ୍ରିକେଟ ଲିଗ୍‌ର ତୃତୀୟ ଦିନର ପ୍ରଥମ ମ୍ୟାଚରେ ଓସିଆ
ଜାମିନ ନାମଞ୍ଜୁର, ଜେଲରେ ବନ୍ଦି
ବଲାଙ୍ଗୀର ଅଫିସ, ୧୭।୩
କାଲି ଚିଟଫଣ୍ଡ ଦେଇ କୋଟି କୋଟି ଟଙ୍କା ଆତ୍ମସାତ କରିଥିବା ଅଭିଯୋଗରେ ଗିରଫ ହୋଇଥିବା ଅଭିଯୁକ୍ତଙ୍କ ଜାମିନ ଆବେଦନକୁ ନାମଞ୍ଜୁର କରିବା ପରେ ଅଭିଯୁକ୍ତ ବନ୍ଧୁ ଅଗ୍ରୱାଲଙ୍କୁ ବିଚାର ବିଭାଗୀୟ ହାଜତକୁ ପଠାଯାଇଛି। ଏକାଧିକ ଥାନାରେ ଠକେଇ ମାମଲା ରୁଜୁ ହୋଇଛି। ସୋମବାର ଏଥିପାଇଁ ଅଦାଲତରେ ରିମାଣ୍ଡ ଆବେଦନ କରାଯିବ ବୋଲି ପୋଲିସ ସୂତ୍ରରୁ ଜଣାପଡ଼ିଛି। କାଲି ଚିଟଫଣ୍ଡ ଦେଇ କୋଟି କୋଟି ଟଙ୍କା ଆତ୍ମସାତ କରିଥିବା ଅଭିଯୋଗରେ ଗିରଫ ହୋଇଥିବା ଅଭିଯୁକ୍ତଙ୍କ ଜାମିନ ଆବେଦନକୁ ନାମଞ୍ଜୁର କରିବା ପରେ ଅଭିଯୁକ୍ତ ବନ୍ଧୁ ଅଗ୍ରୱାଲଙ୍କୁ ବିଚାର ବିଭାଗୀୟ ହାଜତକୁ ପଠାଯାଇଛି। ଏକାଧିକ ଥାନାରେ ଠକେଇ ମାମଲା ରୁଜୁ ହୋଇଛି। ସୋମବାର ଏଥିପାଇଁ ଅଦାଲତରେ ରିମାଣ୍ଡ ଆବେଦନ କରାଯିବ ବୋଲି ପୋଲିସ ସୂତ୍ରରୁ ଜଣାପଡ଼ିଛି। କାଲି ଚିଟଫଣ୍ଡ ଦେଇ କୋଟି କୋଟି ଟଙ୍କା ଆତ୍ମସାତ କରିଥିବା ଅଭିଯୋଗରେ ଗିରଫ ହୋଇଥିବା ଅଭିଯୁକ୍ତଙ୍କ ଜାମିନ ଆବେଦନକୁ ନାମଞ୍ଜୁର କରିବା ପରେ ଅଭିଯୁକ୍ତ ବନ୍ଧୁ ଅଗ୍ରୱାଲଙ୍କୁ ବିଚାର
କାଲି ଚିଟଫଣ୍ଡ ଦେଇ କୋଟି କୋଟି ଟଙ୍କା ଆତ୍ମସାତ କରିଥିବା ଅଭିଯୋଗରେ ଗିରଫ ହୋଇଥିବା ଅଭିଯୁକ୍ତଙ୍କ ଜାମିନ ଆବେଦନକୁ ନାମଞ୍ଜୁର କରିବା ପରେ ଅଭିଯୁକ୍ତ ବନ୍ଧୁ ଅଗ୍ରୱାଲଙ୍କୁ ବିଚାର ବିଭାଗୀୟ ହାଜତକୁ ପଠାଯାଇଛି। ଏକାଧିକ ଥାନାରେ ଠକେଇ ମାମଲା ରୁଜୁ ହୋଇଛି। ସୋମବାର ଏଥିପାଇଁ ଅଦାଲତରେ ରିମାଣ୍ଡ ଆବେଦନ କରାଯିବ ବୋଲି ପୋଲିସ ସୂତ୍ରରୁ ଜଣାପଡ଼ିଛି। କାଲି ଚିଟଫଣ୍ଡ ଦେଇ କୋଟି କୋଟି ଟଙ୍କା ଆତ୍ମସାତ କରିଥିବା ଅଭିଯୋଗରେ ଗିରଫ ହୋଇଥିବା ଅଭିଯୁକ୍ତଙ୍କ ଜାମିନ ଆବେଦନକୁ ନାମଞ୍ଜୁର କରିବା ପରେ ଅଭିଯୁକ୍ତ ବନ୍ଧୁ ଅଗ୍ରୱାଲଙ୍କୁ ବିଚାର ବିଭାଗୀୟ ହାଜତକୁ ପଠାଯାଇଛି। ଏକାଧିକ ଥାନାରେ ଠକେଇ ମାମଲା ରୁଜୁ ହୋଇଛି। ସୋମବାର ଏଥିପାଇଁ ଅଦାଲତରେ ରିମାଣ୍ଡ ଆବେଦନ କରାଯିବ ବୋଲି ପୋଲିସ ସୂତ୍ରରୁ ଜଣାପଡ଼ିଛି। କାଲି ଚିଟଫଣ୍ଡ ଦେଇ କୋଟି କୋଟି ଟଙ୍କା ଆତ୍ମସାତ କରିଥିବା ଅଭିଯୋଗରେ ଗିରଫ ହୋଇଥିବା ଅଭିଯୁକ୍ତଙ୍କ ଜାମିନ ଆବେଦନକୁ ନାମଞ୍ଜୁର କରିବା ପରେ ଅଭିଯୁକ୍ତ ବନ୍ଧୁ ଅଗ୍ରୱାଲଙ୍କୁ ବିଚାର ବିଭାଗୀୟ ହାଜତକୁ ପଠାଯାଇଛି। ଏକାଧିକ
ଚିଟଫଣ୍ଡ ଜାଲିଆତି ମାମଲା
ରିମାଣ୍ଡରେ ଆଣିବ ବଲାଙ୍ଗୀର ପୋଲିସ
ସୋମବାର ଅଦାଲତରେ ହେବ ଆବେଦନ
କାଲି ଚିଟଫଣ୍ଡ ଦେଇ କୋଟି କୋଟି ଟଙ୍କା ଆତ୍ମସାତ କରିଥିବା ଅଭିଯୋଗରେ ଗିରଫ ହୋଇଥିବା ଅଭିଯୁକ୍ତଙ୍କ ଜାମିନ ଆବେଦନକୁ ନାମଞ୍ଜୁର କରିବା ପରେ ଅଭିଯୁକ୍ତ ବନ୍ଧୁ ଅଗ୍ରୱାଲଙ୍କୁ ବିଚାର ବିଭାଗୀୟ ହାଜତକୁ ପଠାଯାଇଛି। ଏକାଧିକ ଥାନାରେ ଠକେଇ ମାମଲା ରୁଜୁ ହୋଇଛି। ସୋମବାର ଏଥିପାଇଁ ଅଦାଲତରେ ରିମାଣ୍ଡ ଆବେଦନ କରାଯିବ ବୋଲି ପୋଲିସ ସୂତ୍ରରୁ ଜଣାପଡ଼ିଛି। କାଲି ଚିଟଫଣ୍ଡ ଦେଇ କୋଟି କୋଟି ଟଙ୍କା ଆତ୍ମସାତ କରିଥିବା ଅଭିଯୋଗରେ ଗିରଫ ହୋଇଥିବା ଅଭିଯୁକ୍ତଙ୍କ ଜାମିନ ଆବେଦନକୁ ନାମଞ୍ଜୁର କରିବା ପରେ ଅଭିଯୁକ୍ତ ବନ୍ଧୁ ଅଗ୍ରୱାଲଙ୍କୁ ବିଚାର ବିଭାଗୀୟ ହାଜତକୁ ପଠାଯାଇଛି। ଏକାଧିକ ଥାନାରେ ଠକେଇ ମାମଲା ରୁଜୁ ହୋଇଛି। ସୋମବାର ଏଥିପାଇଁ ଅଦାଲତରେ ରିମାଣ୍ଡ ଆବେଦନ କରାଯିବ ବୋଲି ପୋଲିସ ସୂତ୍ରରୁ ଜଣାପଡ଼ିଛି। କାଲି ଚିଟଫଣ୍ଡ ଦେଇ କୋଟି କୋଟି ଟଙ୍କା ଆତ୍ମସାତ କରିଥିବା ଅଭିଯୋଗରେ ଗିରଫ ହୋଇଥିବା ଅଭିଯୁକ୍ତଙ୍କ ଜାମିନ ଆବେଦନକୁ
କାଲି ଚିଟଫଣ୍ଡ ଦେଇ କୋଟି କୋଟି ଟଙ୍କା ଆତ୍ମସାତ କରିଥିବା ଅଭିଯୋଗରେ ଗିରଫ ହୋଇଥିବା ଅଭିଯୁକ୍ତଙ୍କ ଜାମିନ ଆବେଦନକୁ ନାମଞ୍ଜୁର କରିବା ପରେ ଅଭିଯୁକ୍ତ ବନ୍ଧୁ ଅଗ୍ରୱାଲଙ୍କୁ ବିଚାର ବିଭାଗୀୟ ହାଜତକୁ ପଠାଯାଇଛି। ଏକାଧିକ ଥାନାରେ ଠକେଇ ମାମଲା ରୁଜୁ ହୋଇଛି। ସୋମବାର ଏଥିପାଇଁ ଅଦାଲତରେ ରିମାଣ୍ଡ ଆବେଦନ କରାଯିବ ବୋଲି ପୋଲିସ ସୂତ୍ରରୁ ଜଣାପଡ଼ିଛି। କାଲି ଚିଟଫଣ୍ଡ ଦେଇ କୋଟି କୋଟି ଟଙ୍କା ଆତ୍ମସାତ କରିଥିବା ଅଭିଯୋଗରେ ଗିରଫ ହୋଇଥିବା ଅଭିଯୁକ୍ତଙ୍କ ଜାମିନ ଆବେଦନକୁ ନାମଞ୍ଜୁର କରିବା ପରେ ଅଭିଯୁକ୍ତ ବନ୍ଧୁ ଅଗ୍ରୱାଲଙ୍କୁ ବିଚାର ବିଭାଗୀୟ ହାଜତକୁ ପଠାଯାଇଛି। ଏକାଧିକ ଥାନାରେ ଠକେଇ ମାମଲା ରୁଜୁ ହୋଇଛି। ସୋମବାର ଏଥିପାଇଁ ଅଦାଲତରେ ରିମାଣ୍ଡ ଆବେଦନ କରାଯିବ ବୋଲି ପୋଲିସ ସୂତ୍ରରୁ ଜଣାପଡ଼ିଛି। କାଲି ଚିଟଫଣ୍ଡ ଦେଇ କୋଟି କୋଟି ଟଙ୍କା ଆତ୍ମସାତ କରିଥିବା ଅଭିଯୋଗରେ ଗିରଫ ହୋଇଥିବା ଅଭିଯୁକ୍ତଙ୍କ ଜାମିନ ଆବେଦନକୁ ନାମଞ୍ଜୁର କରିବା ପରେ ଅଭିଯୁକ୍ତ ବନ୍ଧୁ ଅଗ୍ରୱାଲଙ୍କୁ ବିଚାର ବିଭାଗୀୟ ହାଜତକୁ ପଠାଯାଇଛି। ଏକାଧିକ ଥାନାରେ ଠକେଇ ମାମଲା ରୁଜୁ ହୋଇଛି। ସୋମବାର ଏଥିପାଇଁ ଅଦାଲତରେ ରିମାଣ୍ଡ ଆବେଦନ କରାଯିବ ବୋଲି ପୋଲିସ ସୂତ୍ରରୁ ଜଣାପଡ଼ିଛି। କାଲି ଚିଟଫଣ୍ଡ ଦେଇ କୋଟି କୋଟି ଟଙ୍କା ଆତ୍ମସାତ କରିଥିବା ଅଭିଯୋଗରେ ଗିରଫ ହୋଇଥିବା ଅଭିଯୁକ୍ତଙ୍କ ଜାମିନ ଆବେଦନକୁ ନାମଞ୍ଜୁର କରିବା ପରେ ଅଭିଯୁକ୍ତ ବନ୍ଧୁ ଅଗ୍ରୱାଲଙ୍କୁ ବିଚାର ବିଭାଗୀୟ ହାଜତକୁ ପଠାଯାଇଛି। ଏକାଧିକ ଥାନାରେ ଠକେଇ ମାମଲା ରୁଜୁ ହୋଇଛି। ସୋମବାର ଏଥିପାଇଁ ଅଦାଲତରେ ରିମାଣ୍ଡ ଆବେଦନ କରାଯିବ ବୋଲି ପୋଲିସ ସୂତ୍ରରୁ ଜଣାପଡ଼ିଛି। କାଲି ଚିଟଫଣ୍ଡ ଦେଇ କୋଟି କୋଟି ଟଙ୍କା ଆତ୍ମସାତ କରିଥିବା ଅଭିଯୋଗରେ ଗିରଫ ହୋଇଥିବା ଅଭିଯୁକ୍ତଙ୍କ ଜାମିନ ଆବେଦନକୁ ନାମଞ୍ଜୁର କରିବା ପରେ ଅଭିଯୁକ୍ତ ବନ୍ଧୁ ଅଗ୍ରୱାଲଙ୍କୁ ବିଚାର ବିଭାଗୀୟ ହାଜତକୁ ପଠାଯାଇଛି। ଏକାଧିକ ଥାନାରେ ଠକେଇ ମାମଲା ରୁଜୁ
17
